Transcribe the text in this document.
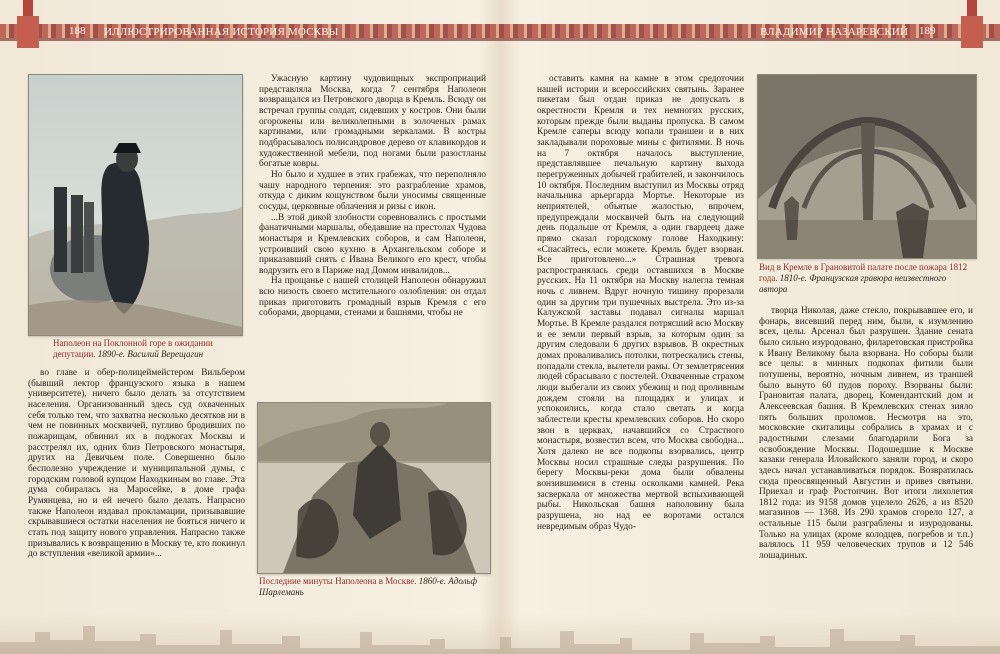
188 ИЛЛЮСТРИРОВАННАЯ ИСТОРИЯ МОСКВЫ	ВЛАДИМИР НАЗАРЕВСКИЙ 189
Наполеон на Поклонной горе в ожидании депутации. 1890-е. Василий Верещагин

во главе и обер-полицеймейстером Вильбером (бывший лектор французского языка в нашем университете), ничего было делать за отсутствием населения. Организованный здесь суд охваченных себя только тем, что захватна несколько десятков ни в чем не повинных москвичей, пугливо бродивших по пожарищам, обвинил их в поджогах Москвы и расстрелял их, одних близ Петровского монастыря, других на Девичьем поле. Совершенно было бесполезно учреждение и муниципальной думы, с городским головой купцом Находкиным во главе. Эта дума собиралась на Маросейке, в доме графа Румянцева, но и ей нечего было делать. Напрасно также Наполеон издавал прокламации, призывавшие скрывавшиеся остатки населения не бояться ничего и стать под защиту нового управления. Напрасно также призывались к возвращению в Москву те, кто покинул до вступления «великой армии»...

Ужасную картину чудовищных экспроприаций представляла Москва, когда 7 сентября Наполеон возвращался из Петровского дворца в Кремль. Всюду он встречал группы солдат, сидевших у костров. Они были огорожены или великолепными в золоченых рамах картинами, или громадными зеркалами. В костры подбрасывалось полисандровое дерево от клавикордов и художественной мебели, под ногами были разостланы богатые ковры.

Но было и худшее в этих грабежах, что переполняло чашу народного терпения: это разграбление храмов, откуда с диким кощунством были уносимы священные сосуды, церковные облачения и ризы с икон.

...В этой дикой злобности соревновались с простыми фанатичными маршалы, обедавшие на престолах Чудова монастыря и Кремлевских соборов, и сам Наполеон, устроивший свою кухню в Архангельском соборе и приказавший снять с Ивана Великого его крест, чтобы водрузить его в Париже над Домом инвалидов...

На прощанье с нашей столицей Наполеон обнаружил всю низость своего мстительного озлобления: он отдал приказ приготовить громадный взрыв Кремля с его соборами, дворцами, стенами и башнями, чтобы не

Последние минуты Наполеона в Москве. 1860-е. Адольф Шарлемань

оставить камня на камне в этом средоточии нашей истории и всероссийских святынь. Заранее пикетам был отдан приказ не допускать в окрестности Кремля и тех немногих русских, которым прежде были выданы пропуска. В самом Кремле саперы всюду копали траншеи и в них закладывали пороховые мины с фитилями. В ночь на 7 октября началось выступление, представлявшее печальную картину выхода перегруженных добычей грабителей, и закончилось 10 октября. Последним выступил из Москвы отряд начальника арьергарда Мортье. Некоторые из неприятелей, объятые жалостью, впрочем, предупреждали москвичей быть на следующий день подальше от Кремля, а один гвардеец даже прямо сказал городскому голове Находкину: «Спасайтесь, если можете. Кремль будет взорван. Все приготовлено...» Страшная тревога распространялась среди оставшихся в Москве русских. На 11 октября на Москву налегла темная ночь с ливнем. Вдруг ночную тишину прорезали один за другим три пушечных выстрела. Это из-за Калужской заставы подавал сигналы маршал Мортье. В Кремле раздался потрясший всю Москву и ее земли первый взрыв, за которым один за другим следовали 6 других взрывов. В окрестных домах проваливались потолки, потрескались стены, попадали стекла, вылетели рамы. От землетрясения людей сбрасывало с постелей. Охваченные страхом люди выбегали из своих убежищ и под проливным дождем стояли на площадях и улицах и успокоились, когда стало светать и когда заблестели кресты кремлевских соборов. Но скоро звон в церквах, начавшийся со Страстного монастыря, возвестил всем, что Москва свободна... Хотя далеко не все подкопы взорвались, центр Москвы носил страшные следы разрушения. По берегу Москвы-реки дома были обвалены вонзившимися в стены осколками камней. Река засверкала от множества мертвой вспыхивающей рыбы. Никольская башня наполовину была разрушена, но над ее воротами остался невредимым образ Чудо-

Вид в Кремле в Грановитой палате после пожара 1812 года. 1810-е. Французская гравюра неизвестного автора

творца Николая, даже стекло, покрывавшее его, и фонарь, висевший перед ним, были, к изумлению всех, целы. Арсенал был разрушен. Здание сената было сильно изуродовано, филаретовская пристройка к Ивану Великому была взорвана. Но соборы были все целы: в минных подкопах фитили были потушены, вероятно, ночным ливнем, из траншей было вынуто 60 пудов пороху. Взорваны были: Грановитая палата, дворец, Комендантский дом и Алексеевская башня. В Кремлевских стенах зияло пять больших проломов. Несмотря на это, московские скиталицы собрались в храмах и с радостными слезами благодарили Бога за освобождение Москвы. Подошедшие к Москве казаки генерала Иловайского заняли город, и скоро здесь начал устанавливаться порядок. Возвратилась сюда преосвященный Августин и привез святыни. Приехал и граф Ростопчин. Вот итоги лихолетия 1812 года: из 9158 домов уцелело 2626, а из 8520 магазинов — 1368. Из 290 храмов сгорело 127, а остальные 115 были разграблены и изуродованы. Только на улицах (кроме колодцев, погребов и т.п.) валялось 11 959 человеческих трупов и 12 546 лошадиных.
